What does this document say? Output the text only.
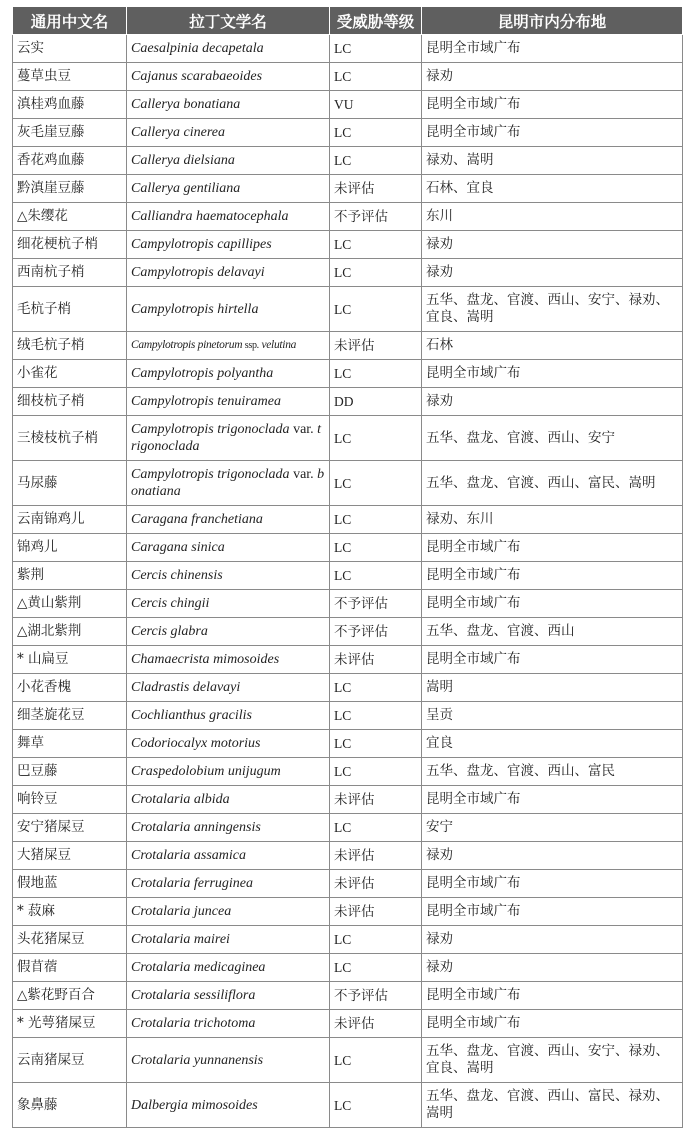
通用中文名	拉丁文学名	受威胁等级	昆明市内分布地
云实	Caesalpinia decapetala	LC	昆明全市域广布
蔓草虫豆	Cajanus scarabaeoides	LC	禄劝
滇桂鸡血藤	Callerya bonatiana	VU	昆明全市域广布
灰毛崖豆藤	Callerya cinerea	LC	昆明全市域广布
香花鸡血藤	Callerya dielsiana	LC	禄劝、嵩明
黔滇崖豆藤	Callerya gentiliana	未评估	石林、宜良
△朱缨花	Calliandra haematocephala	不予评估	东川
细花梗杭子梢	Campylotropis capillipes	LC	禄劝
西南杭子梢	Campylotropis delavayi	LC	禄劝
毛杭子梢	Campylotropis hirtella	LC	五华、盘龙、官渡、西山、安宁、禄劝、宜良、嵩明
绒毛杭子梢	Campylotropis pinetorum ssp. velutina	未评估	石林
小雀花	Campylotropis polyantha	LC	昆明全市域广布
细枝杭子梢	Campylotropis tenuiramea	DD	禄劝
三棱枝杭子梢	Campylotropis trigonoclada var. trigonoclada	LC	五华、盘龙、官渡、西山、安宁
马尿藤	Campylotropis trigonoclada var. bonatiana	LC	五华、盘龙、官渡、西山、富民、嵩明
云南锦鸡儿	Caragana franchetiana	LC	禄劝、东川
锦鸡儿	Caragana sinica	LC	昆明全市域广布
紫荆	Cercis chinensis	LC	昆明全市域广布
△黄山紫荆	Cercis chingii	不予评估	昆明全市域广布
△湖北紫荆	Cercis glabra	不予评估	五华、盘龙、官渡、西山
* 山扁豆	Chamaecrista mimosoides	未评估	昆明全市域广布
小花香槐	Cladrastis delavayi	LC	嵩明
细茎旋花豆	Cochlianthus gracilis	LC	呈贡
舞草	Codoriocalyx motorius	LC	宜良
巴豆藤	Craspedolobium unijugum	LC	五华、盘龙、官渡、西山、富民
响铃豆	Crotalaria albida	未评估	昆明全市域广布
安宁猪屎豆	Crotalaria anningensis	LC	安宁
大猪屎豆	Crotalaria assamica	未评估	禄劝
假地蓝	Crotalaria ferruginea	未评估	昆明全市域广布
* 菽麻	Crotalaria juncea	未评估	昆明全市域广布
头花猪屎豆	Crotalaria mairei	LC	禄劝
假苜蓿	Crotalaria medicaginea	LC	禄劝
△紫花野百合	Crotalaria sessiliflora	不予评估	昆明全市域广布
* 光萼猪屎豆	Crotalaria trichotoma	未评估	昆明全市域广布
云南猪屎豆	Crotalaria yunnanensis	LC	五华、盘龙、官渡、西山、安宁、禄劝、宜良、嵩明
象鼻藤	Dalbergia mimosoides	LC	五华、盘龙、官渡、西山、富民、禄劝、嵩明
